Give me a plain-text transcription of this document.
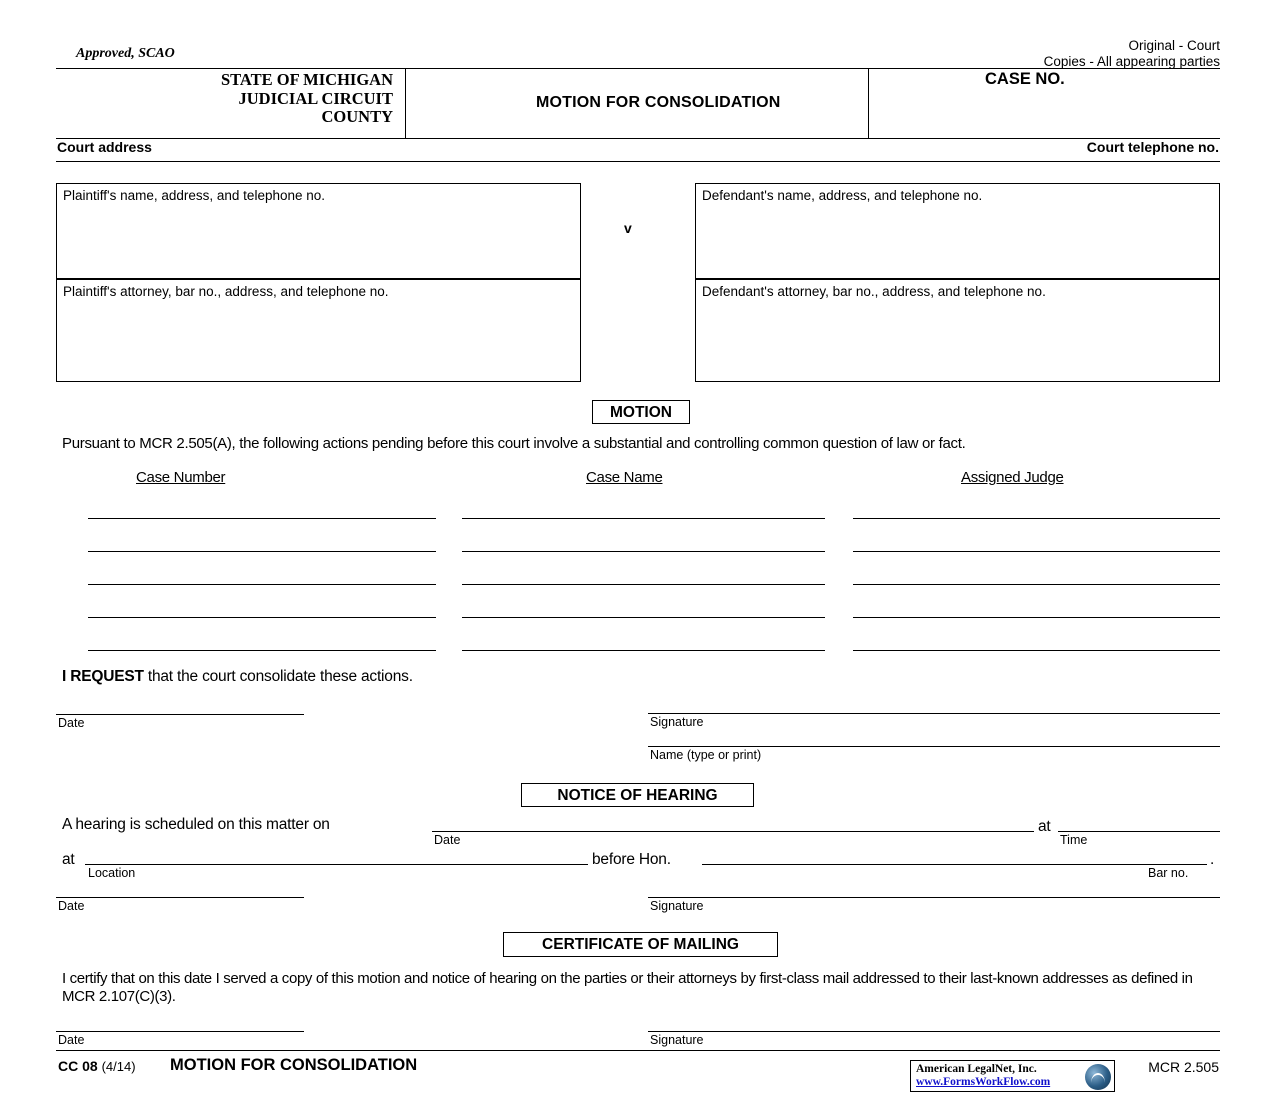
Approved, SCAO
Original - Court
Copies - All appearing parties
STATE OF MICHIGAN
JUDICIAL CIRCUIT
COUNTY
MOTION FOR CONSOLIDATION
CASE NO.
Court address	Court telephone no.
Plaintiff's name, address, and telephone no.
Plaintiff's attorney, bar no., address, and telephone no.
v
Defendant's name, address, and telephone no.
Defendant's attorney, bar no., address, and telephone no.
MOTION
Pursuant to MCR 2.505(A), the following actions pending before this court involve a substantial and controlling common question of law or fact.
Case Number	Case Name	Assigned Judge
I REQUEST that the court consolidate these actions.
Date	Signature
Name (type or print)
NOTICE OF HEARING
A hearing is scheduled on this matter on
Date
at
Time
at
Location
before Hon.
Bar no.
.
Date	Signature
CERTIFICATE OF MAILING
I certify that on this date I served a copy of this motion and notice of hearing on the parties or their attorneys by first-class mail addressed to their last-known addresses as defined in MCR 2.107(C)(3).
Date	Signature
CC 08 (4/14) MOTION FOR CONSOLIDATION	MCR 2.505
American LegalNet, Inc.
www.FormsWorkFlow.com
